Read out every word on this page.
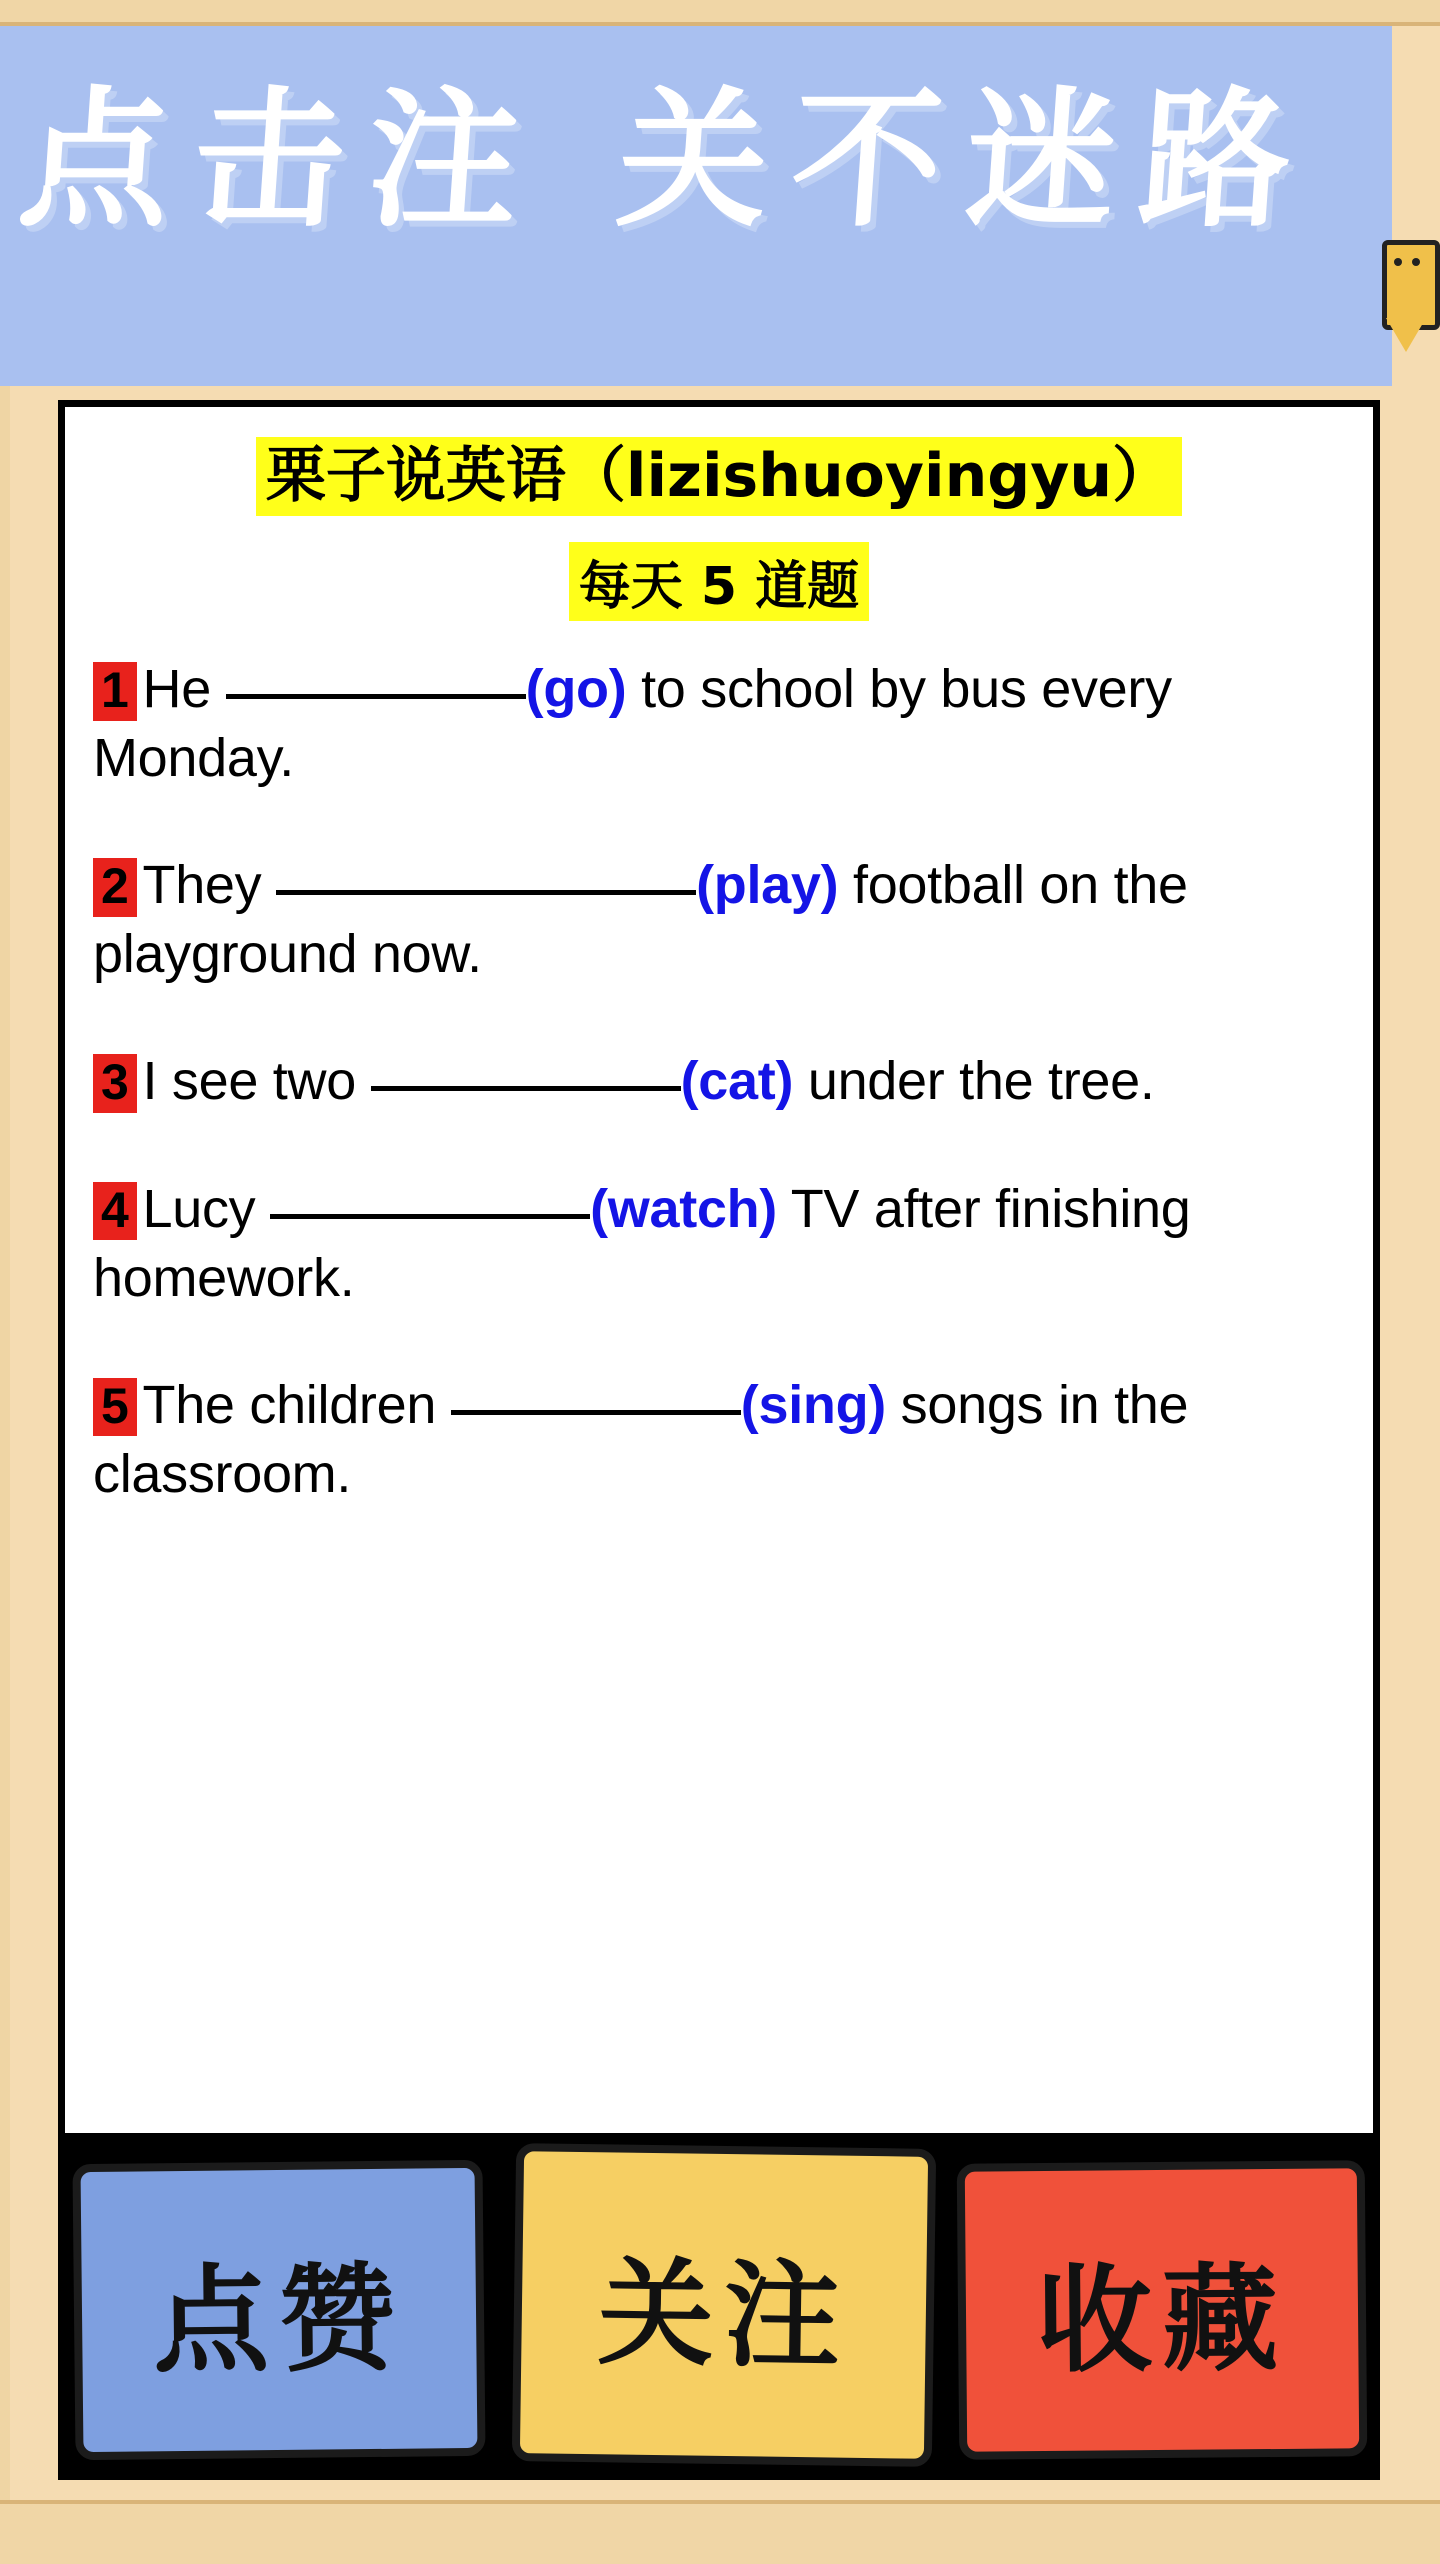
点击注 关不迷路
栗子说英语（lizishuoyingyu）
每天 5 道题
1 He	(go) to school by bus every Monday.
2 They	(play) football on the playground now.
3 I see two	(cat) under the tree.
4 Lucy	(watch) TV after finishing homework.
5 The children	(sing) songs in the classroom.
点赞	关注	收藏
